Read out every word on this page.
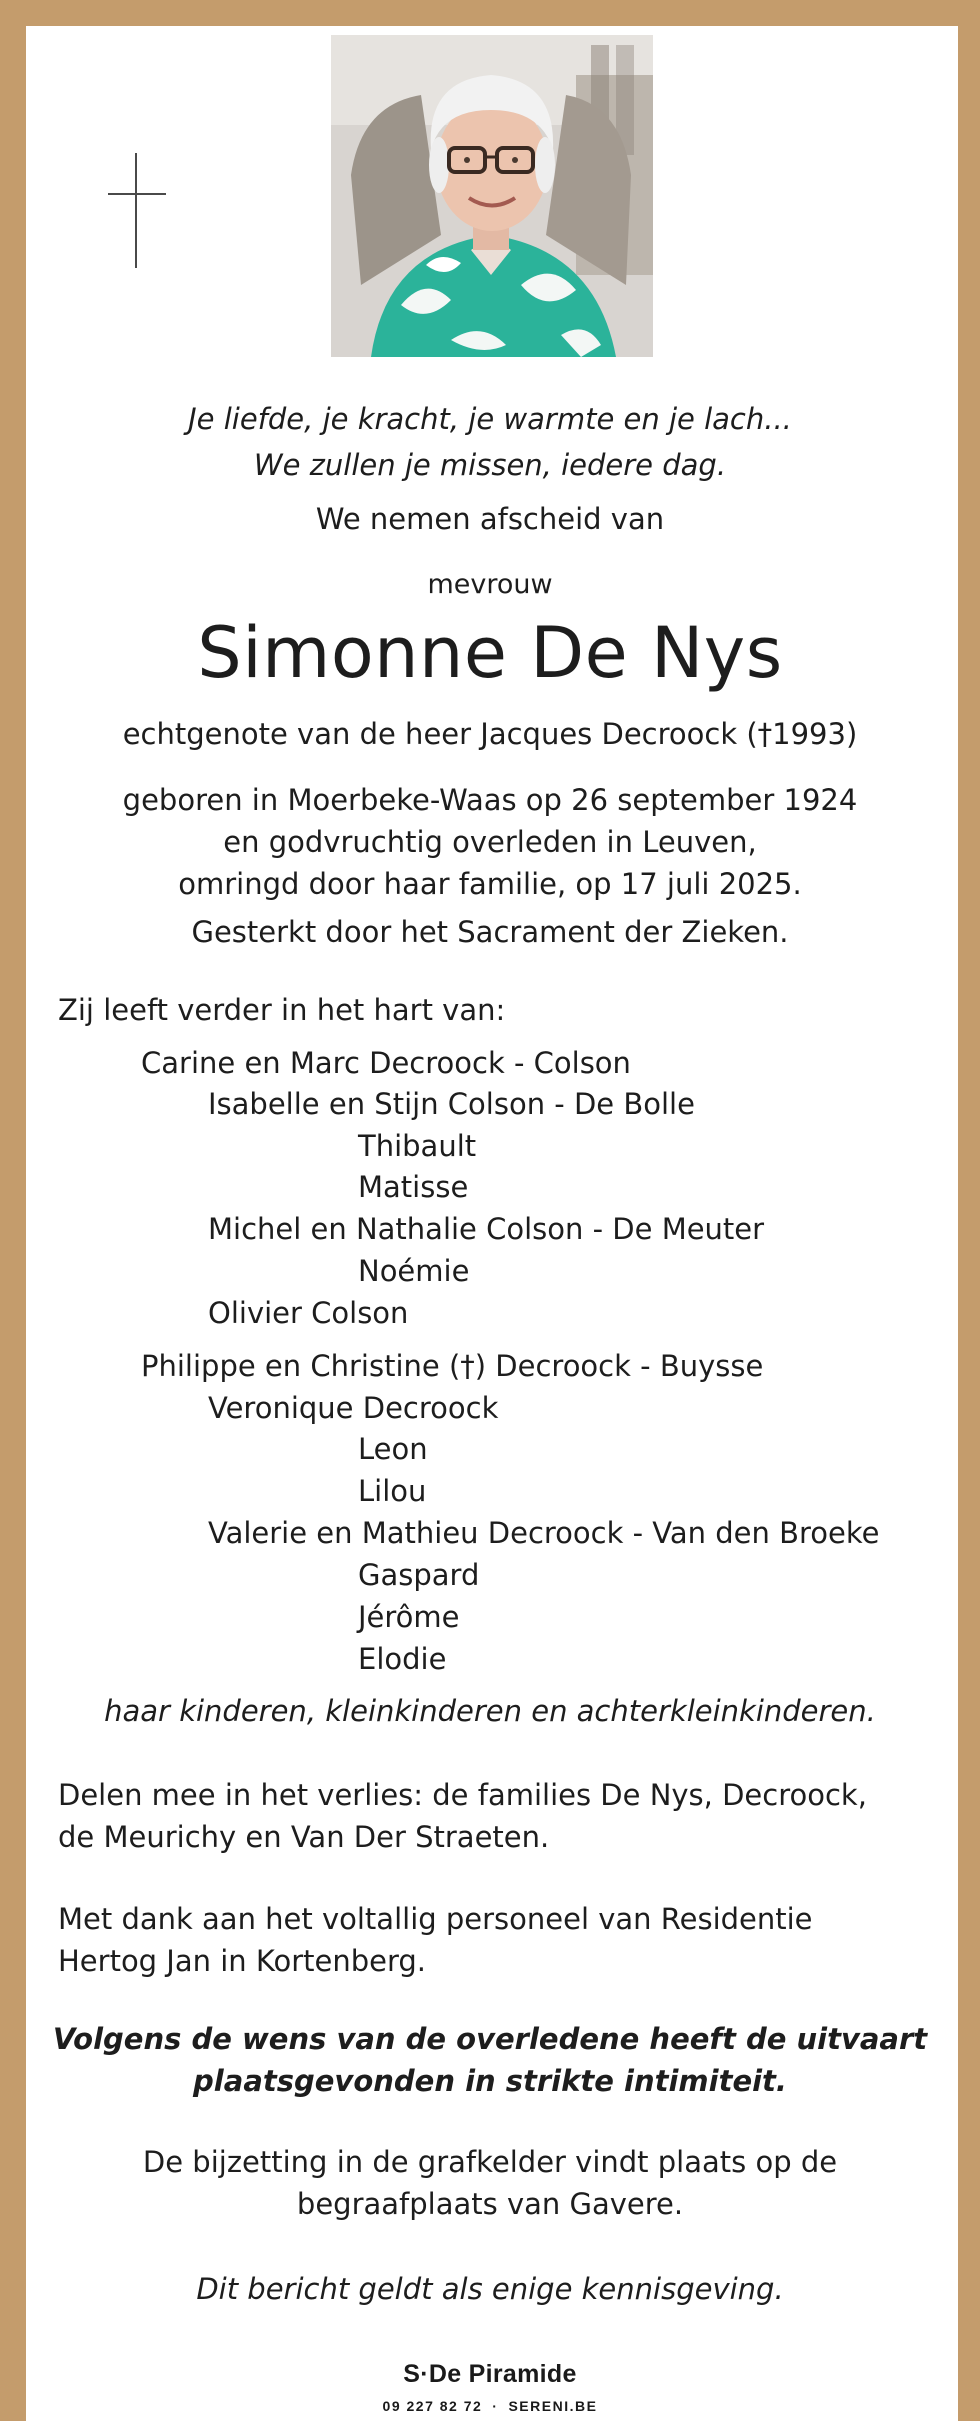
Je liefde, je kracht, je warmte en je lach...

We zullen je missen, iedere dag.

We nemen afscheid van

mevrouw

Simonne De Nys

echtgenote van de heer Jacques Decroock (†1993)

geboren in Moerbeke-Waas op 26 september 1924

en godvruchtig overleden in Leuven,

omringd door haar familie, op 17 juli 2025.

Gesterkt door het Sacrament der Zieken.

Zij leeft verder in het hart van:

Carine en Marc Decroock - Colson

Isabelle en Stijn Colson - De Bolle

Thibault

Matisse

Michel en Nathalie Colson - De Meuter

Noémie

Olivier Colson

Philippe en Christine (†) Decroock - Buysse

Veronique Decroock

Leon

Lilou

Valerie en Mathieu Decroock - Van den Broeke

Gaspard

Jérôme

Elodie

haar kinderen, kleinkinderen en achterkleinkinderen.

Delen mee in het verlies: de families De Nys, Decroock,

de Meurichy en Van Der Straeten.

Met dank aan het voltallig personeel van Residentie

Hertog Jan in Kortenberg.

Volgens de wens van de overledene heeft de uitvaart

plaatsgevonden in strikte intimiteit.

De bijzetting in de grafkelder vindt plaats op de

begraafplaats van Gavere.

Dit bericht geldt als enige kennisgeving.

S·De Piramide
09 227 82 72 · SERENI.BE
